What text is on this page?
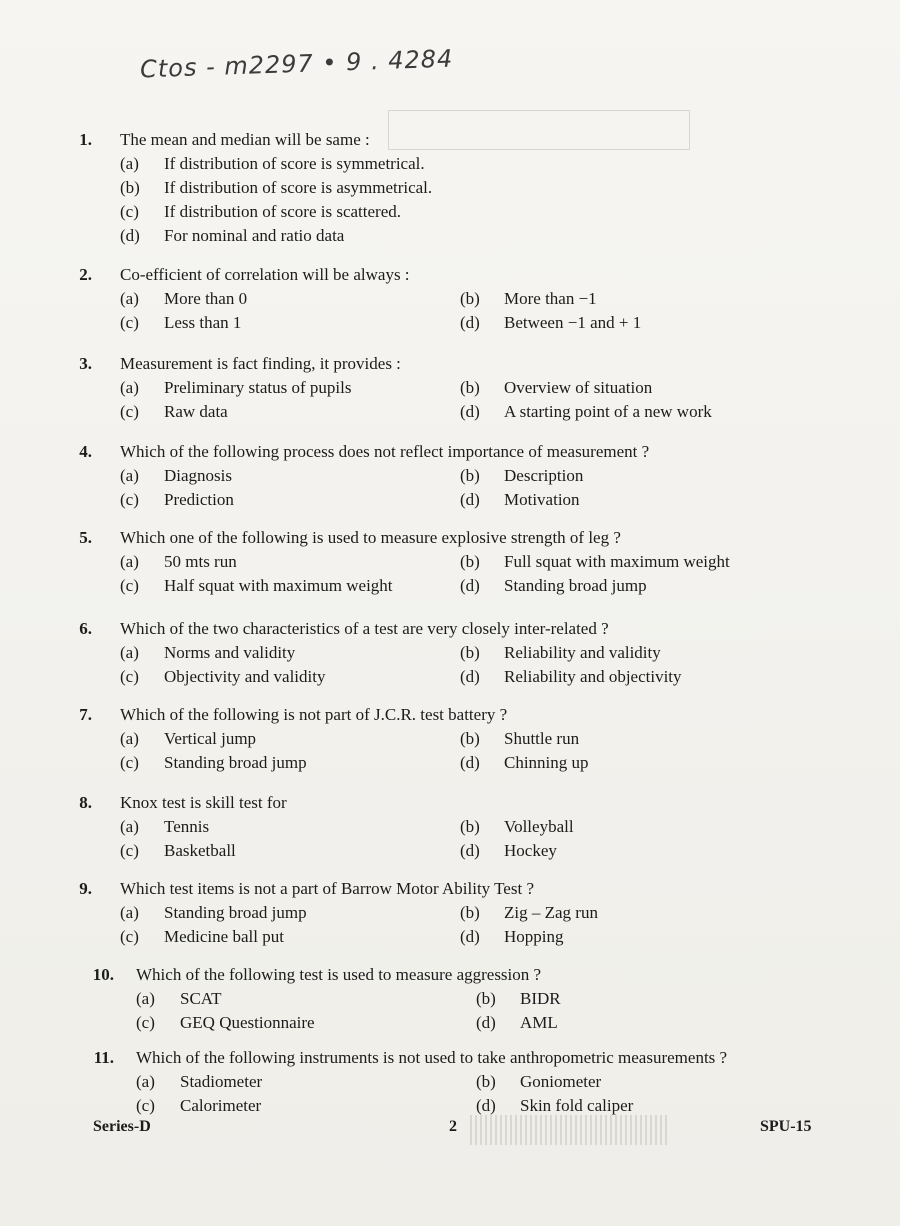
Ctos - m2297 • 9 . 4284
1. The mean and median will be same :
(a) If distribution of score is symmetrical.
(b) If distribution of score is asymmetrical.
(c) If distribution of score is scattered.
(d) For nominal and ratio data
2. Co-efficient of correlation will be always :
(a) More than 0	(b) More than −1
(c) Less than 1	(d) Between −1 and + 1
3. Measurement is fact finding, it provides :
(a) Preliminary status of pupils	(b) Overview of situation
(c) Raw data	(d) A starting point of a new work
4. Which of the following process does not reflect importance of measurement ?
(a) Diagnosis	(b) Description
(c) Prediction	(d) Motivation
5. Which one of the following is used to measure explosive strength of leg ?
(a) 50 mts run	(b) Full squat with maximum weight
(c) Half squat with maximum weight	(d) Standing broad jump
6. Which of the two characteristics of a test are very closely inter-related ?
(a) Norms and validity	(b) Reliability and validity
(c) Objectivity and validity	(d) Reliability and objectivity
7. Which of the following is not part of J.C.R. test battery ?
(a) Vertical jump	(b) Shuttle run
(c) Standing broad jump	(d) Chinning up
8. Knox test is skill test for
(a) Tennis	(b) Volleyball
(c) Basketball	(d) Hockey
9. Which test items is not a part of Barrow Motor Ability Test ?
(a) Standing broad jump	(b) Zig – Zag run
(c) Medicine ball put	(d) Hopping
10. Which of the following test is used to measure aggression ?
(a) SCAT	(b) BIDR
(c) GEQ Questionnaire	(d) AML
11. Which of the following instruments is not used to take anthropometric measurements ?
(a) Stadiometer	(b) Goniometer
(c) Calorimeter	(d) Skin fold caliper
Series-D	2	SPU-15
